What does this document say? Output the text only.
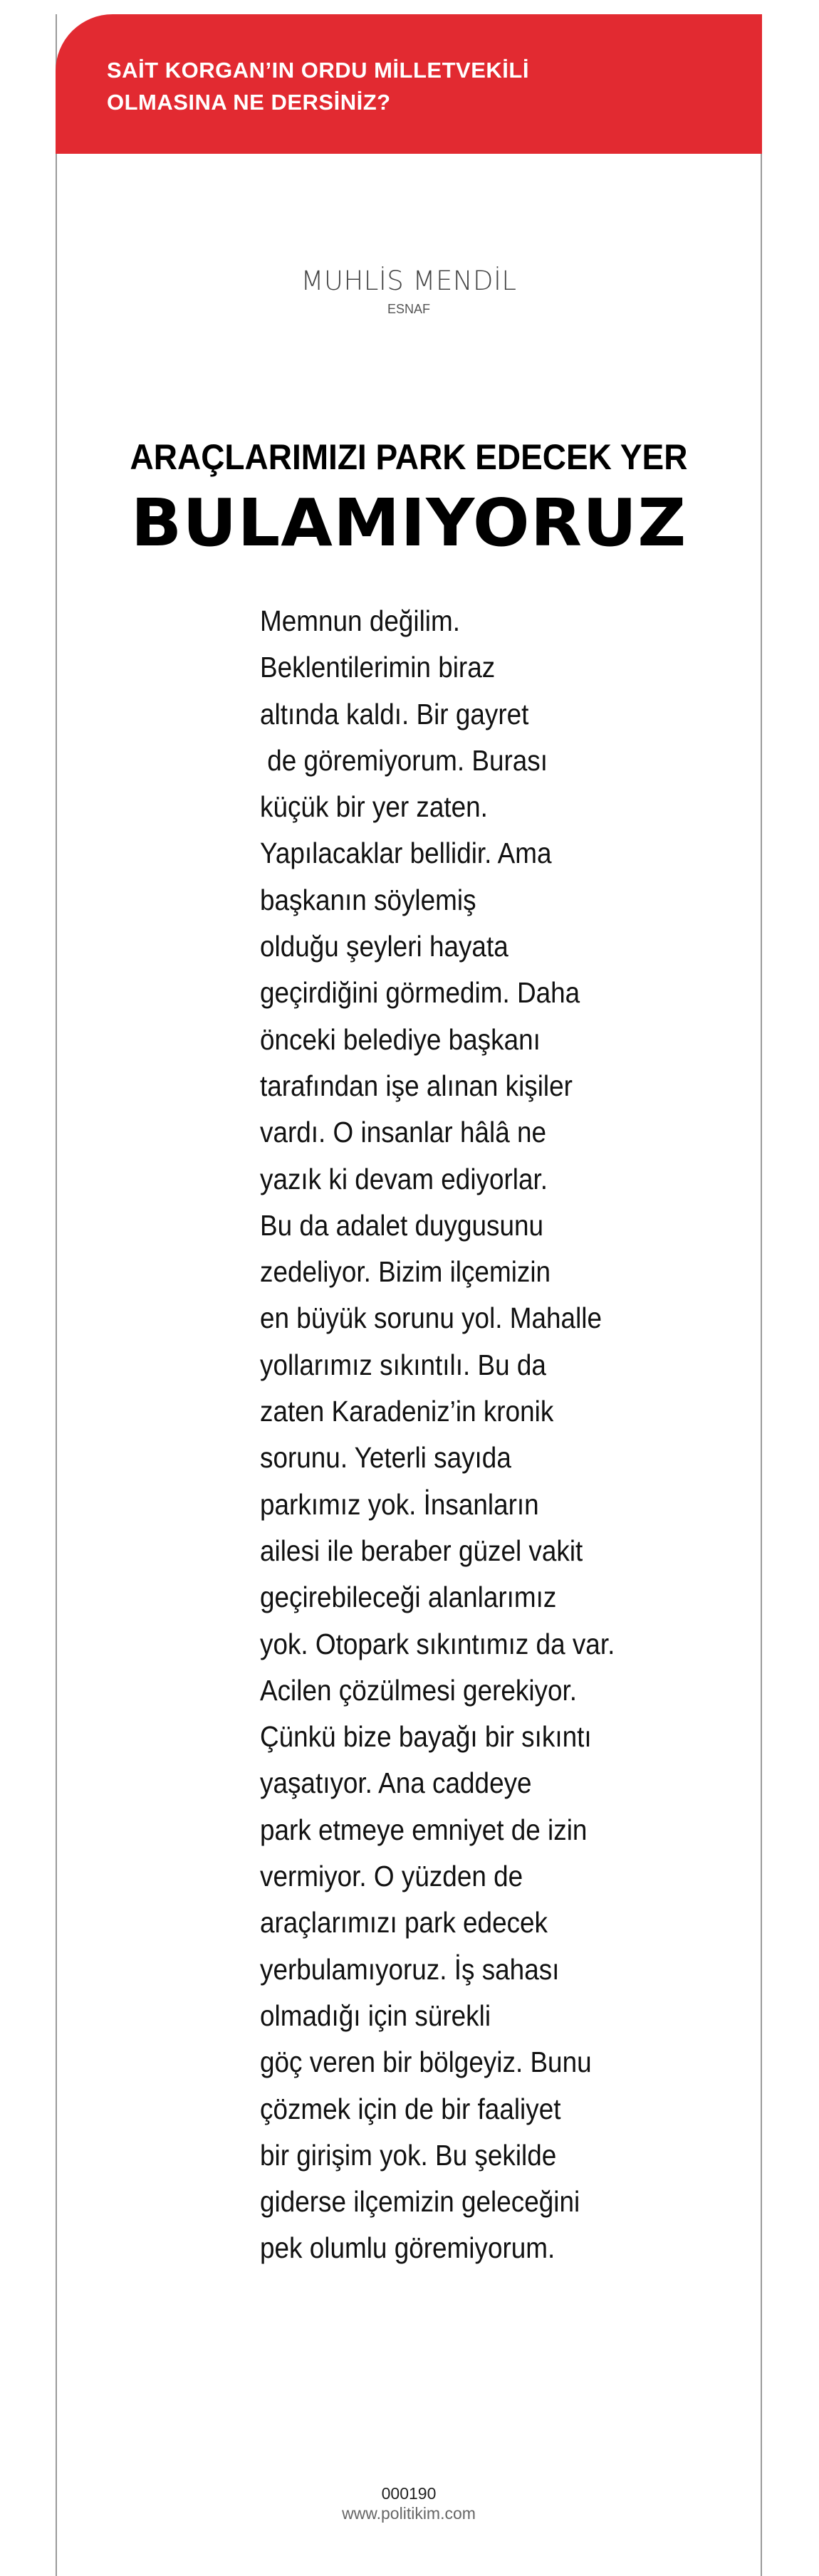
SAİT KORGAN’IN ORDU MİLLETVEKİLİ
OLMASINA NE DERSİNİZ?
MUHLİS MENDİL
ESNAF
ARAÇLARIMIZI PARK EDECEK YER
BULAMIYORUZ
Memnun değilim.
Beklentilerimin biraz
altında kaldı. Bir gayret
de göremiyorum. Burası
küçük bir yer zaten.
Yapılacaklar bellidir. Ama
başkanın söylemiş
olduğu şeyleri hayata
geçirdiğini görmedim. Daha
önceki belediye başkanı
tarafından işe alınan kişiler
vardı. O insanlar hâlâ ne
yazık ki devam ediyorlar.
Bu da adalet duygusunu
zedeliyor. Bizim ilçemizin
en büyük sorunu yol. Mahalle
yollarımız sıkıntılı. Bu da
zaten Karadeniz’in kronik
sorunu. Yeterli sayıda
parkımız yok. İnsanların
ailesi ile beraber güzel vakit
geçirebileceği alanlarımız
yok. Otopark sıkıntımız da var.
Acilen çözülmesi gerekiyor.
Çünkü bize bayağı bir sıkıntı
yaşatıyor. Ana caddeye
park etmeye emniyet de izin
vermiyor. O yüzden de
araçlarımızı park edecek
yerbulamıyoruz. İş sahası
olmadığı için sürekli
göç veren bir bölgeyiz. Bunu
çözmek için de bir faaliyet
bir girişim yok. Bu şekilde
giderse ilçemizin geleceğini
pek olumlu göremiyorum.
000190
www.politikim.com
